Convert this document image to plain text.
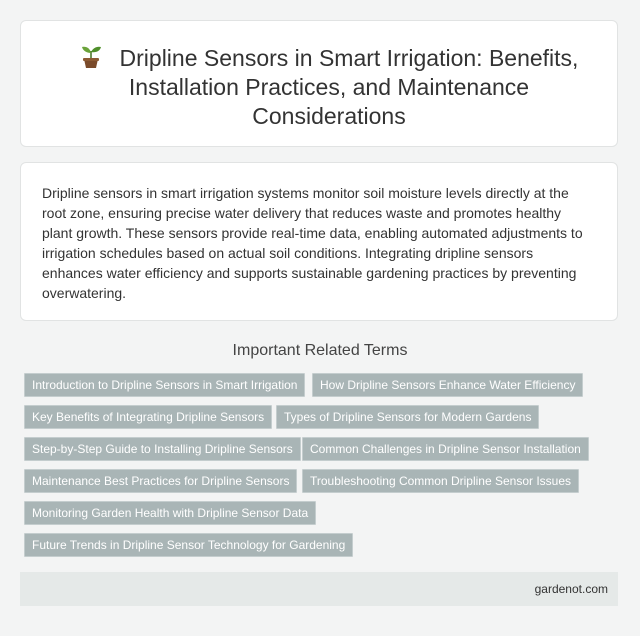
Dripline Sensors in Smart Irrigation: Benefits, Installation Practices, and Maintenance Considerations

Dripline sensors in smart irrigation systems monitor soil moisture levels directly at the root zone, ensuring precise water delivery that reduces waste and promotes healthy plant growth. These sensors provide real-time data, enabling automated adjustments to irrigation schedules based on actual soil conditions. Integrating dripline sensors enhances water efficiency and supports sustainable gardening practices by preventing overwatering.

Important Related Terms
Introduction to Dripline Sensors in Smart Irrigation	How Dripline Sensors Enhance Water Efficiency
Key Benefits of Integrating Dripline Sensors	Types of Dripline Sensors for Modern Gardens
Step-by-Step Guide to Installing Dripline Sensors	Common Challenges in Dripline Sensor Installation
Maintenance Best Practices for Dripline Sensors	Troubleshooting Common Dripline Sensor Issues
Monitoring Garden Health with Dripline Sensor Data
Future Trends in Dripline Sensor Technology for Gardening
gardenot.com
